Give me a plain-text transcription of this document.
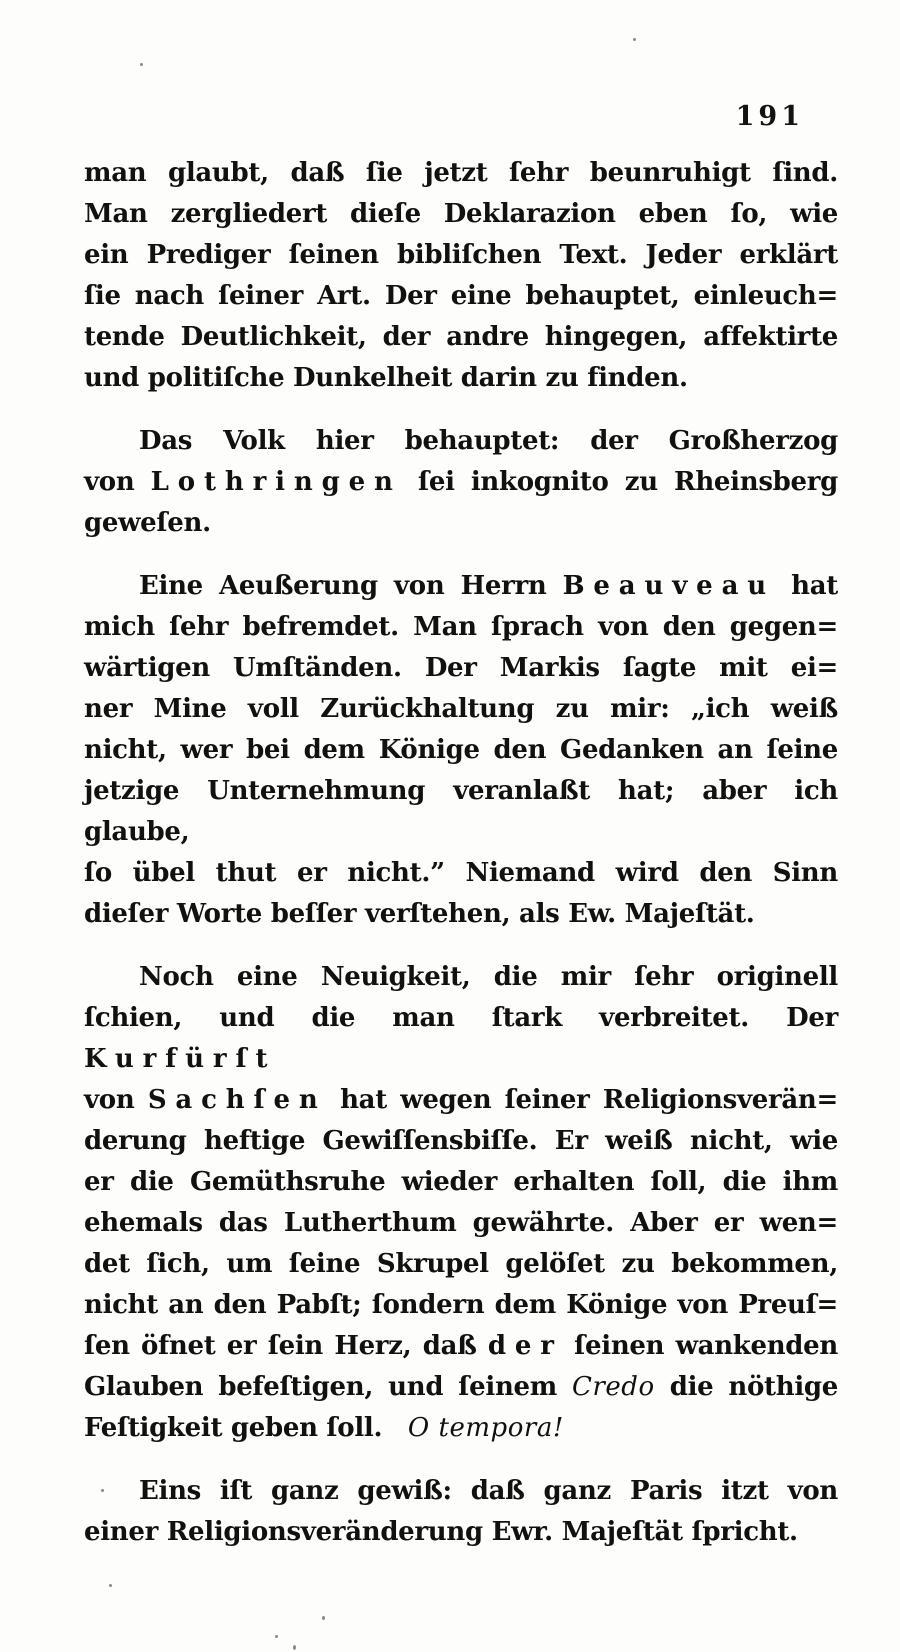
191
man glaubt, daß ſie jetzt ſehr beunruhigt ſind.
Man zergliedert dieſe Deklarazion eben ſo, wie
ein Prediger ſeinen bibliſchen Text. Jeder erklärt
ſie nach ſeiner Art. Der eine behauptet, einleuch=
tende Deutlichkeit, der andre hingegen, affektirte
und politiſche Dunkelheit darin zu finden.
Das Volk hier behauptet: der Großherzog
von Lothringen ſei inkognito zu Rheinsberg
geweſen.
Eine Aeußerung von Herrn Beauveau hat
mich ſehr befremdet. Man ſprach von den gegen=
wärtigen Umſtänden. Der Markis ſagte mit ei=
ner Mine voll Zurückhaltung zu mir: „ich weiß
nicht, wer bei dem Könige den Gedanken an ſeine
jetzige Unternehmung veranlaßt hat; aber ich glaube,
ſo übel thut er nicht.” Niemand wird den Sinn
dieſer Worte beſſer verſtehen, als Ew. Majeſtät.
Noch eine Neuigkeit, die mir ſehr originell
ſchien, und die man ſtark verbreitet. Der Kurfürſt
von Sachſen hat wegen ſeiner Religionsverän=
derung heftige Gewiſſensbiſſe. Er weiß nicht, wie
er die Gemüthsruhe wieder erhalten ſoll, die ihm
ehemals das Lutherthum gewährte. Aber er wen=
det ſich, um ſeine Skrupel gelöſet zu bekommen,
nicht an den Pabſt; ſondern dem Könige von Preuſ=
ſen öfnet er ſein Herz, daß der ſeinen wankenden
Glauben befeſtigen, und ſeinem Credo die nöthige
Feſtigkeit geben ſoll. O tempora!
Eins iſt ganz gewiß: daß ganz Paris itzt von
einer Religionsveränderung Ewr. Majeſtät ſpricht.
